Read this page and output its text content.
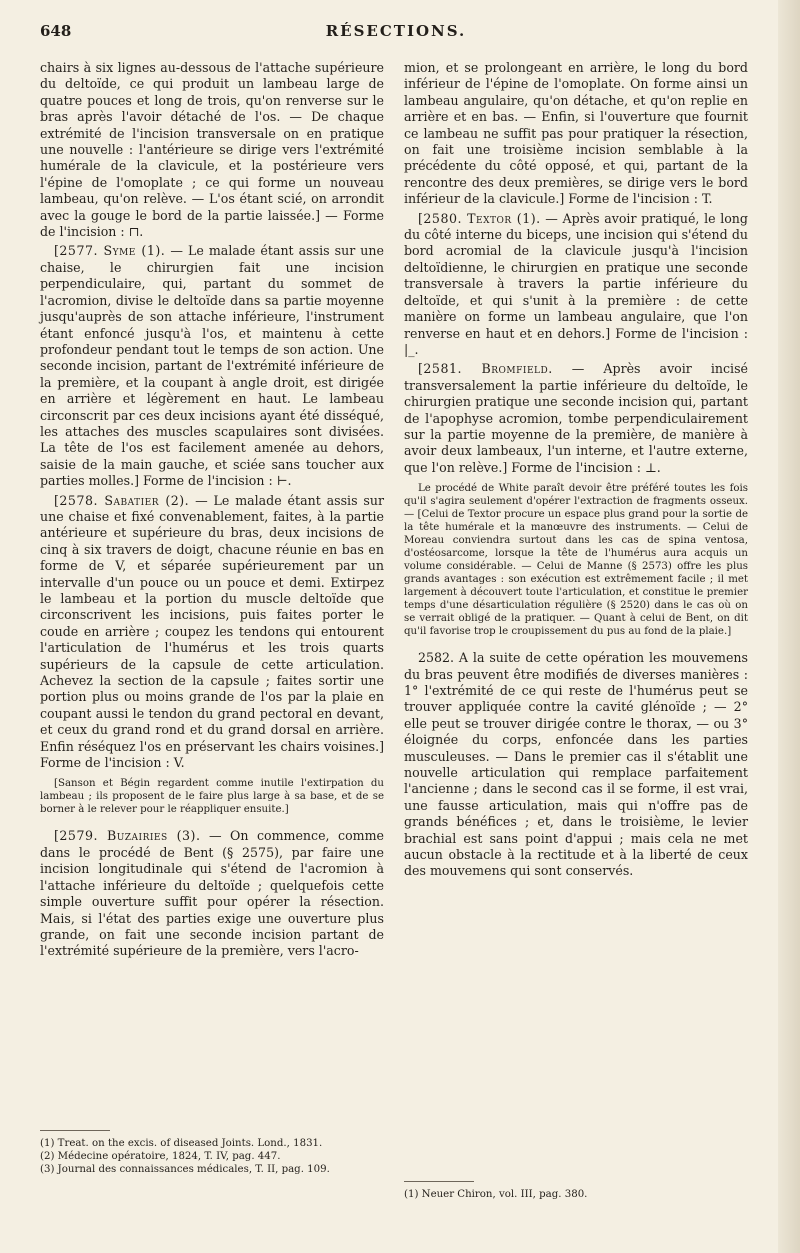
648	RÉSECTIONS.

chairs à six lignes au-dessous de l'attache supérieure du deltoïde, ce qui produit un lambeau large de quatre pouces et long de trois, qu'on renverse sur le bras après l'avoir détaché de l'os. — De chaque extrémité de l'incision transversale on en pratique une nouvelle : l'antérieure se dirige vers l'extrémité humérale de la clavicule, et la postérieure vers l'épine de l'omoplate ; ce qui forme un nouveau lambeau, qu'on relève. — L'os étant scié, on arrondit avec la gouge le bord de la partie laissée.] — Forme de l'incision : ⊓.

[2577. Syme (1). — Le malade étant assis sur une chaise, le chirurgien fait une incision perpendiculaire, qui, partant du sommet de l'acromion, divise le deltoïde dans sa partie moyenne jusqu'auprès de son attache inférieure, l'instrument étant enfoncé jusqu'à l'os, et maintenu à cette profondeur pendant tout le temps de son action. Une seconde incision, partant de l'extrémité inférieure de la première, et la coupant à angle droit, est dirigée en arrière et légèrement en haut. Le lambeau circonscrit par ces deux incisions ayant été disséqué, les attaches des muscles scapulaires sont divisées. La tête de l'os est facilement amenée au dehors, saisie de la main gauche, et sciée sans toucher aux parties molles.] Forme de l'incision : ⊢.

[2578. Sabatier (2). — Le malade étant assis sur une chaise et fixé convenablement, faites, à la partie antérieure et supérieure du bras, deux incisions de cinq à six travers de doigt, chacune réunie en bas en forme de V, et séparée supérieurement par un intervalle d'un pouce ou un pouce et demi. Extirpez le lambeau et la portion du muscle deltoïde que circonscrivent les incisions, puis faites porter le coude en arrière ; coupez les tendons qui entourent l'articulation de l'humérus et les trois quarts supérieurs de la capsule de cette articulation. Achevez la section de la capsule ; faites sortir une portion plus ou moins grande de l'os par la plaie en coupant aussi le tendon du grand pectoral en devant, et ceux du grand rond et du grand dorsal en arrière. Enfin réséquez l'os en préservant les chairs voisines.] Forme de l'incision : V.

[Sanson et Bégin regardent comme inutile l'extirpation du lambeau ; ils proposent de le faire plus large à sa base, et de se borner à le relever pour le réappliquer ensuite.]

[2579. Buzairies (3). — On commence, comme dans le procédé de Bent (§ 2575), par faire une incision longitudinale qui s'étend de l'acromion à l'attache inférieure du deltoïde ; quelquefois cette simple ouverture suffit pour opérer la résection. Mais, si l'état des parties exige une ouverture plus grande, on fait une seconde incision partant de l'extrémité supérieure de la première, vers l'acro-

mion, et se prolongeant en arrière, le long du bord inférieur de l'épine de l'omoplate. On forme ainsi un lambeau angulaire, qu'on détache, et qu'on replie en arrière et en bas. — Enfin, si l'ouverture que fournit ce lambeau ne suffit pas pour pratiquer la résection, on fait une troisième incision semblable à la précédente du côté opposé, et qui, partant de la rencontre des deux premières, se dirige vers le bord inférieur de la clavicule.] Forme de l'incision : T.

[2580. Textor (1). — Après avoir pratiqué, le long du côté interne du biceps, une incision qui s'étend du bord acromial de la clavicule jusqu'à l'incision deltoïdienne, le chirurgien en pratique une seconde transversale à travers la partie inférieure du deltoïde, et qui s'unit à la première : de cette manière on forme un lambeau angulaire, que l'on renverse en haut et en dehors.] Forme de l'incision : |_.

[2581. Bromfield. — Après avoir incisé transversalement la partie inférieure du deltoïde, le chirurgien pratique une seconde incision qui, partant de l'apophyse acromion, tombe perpendiculairement sur la partie moyenne de la première, de manière à avoir deux lambeaux, l'un interne, et l'autre externe, que l'on relève.] Forme de l'incision : ⊥.

Le procédé de White paraît devoir être préféré toutes les fois qu'il s'agira seulement d'opérer l'extraction de fragments osseux. — [Celui de Textor procure un espace plus grand pour la sortie de la tête humérale et la manœuvre des instruments. — Celui de Moreau conviendra surtout dans les cas de spina ventosa, d'ostéosarcome, lorsque la tête de l'humérus aura acquis un volume considérable. — Celui de Manne (§ 2573) offre les plus grands avantages : son exécution est extrêmement facile ; il met largement à découvert toute l'articulation, et constitue le premier temps d'une désarticulation régulière (§ 2520) dans le cas où on se verrait obligé de la pratiquer. — Quant à celui de Bent, on dit qu'il favorise trop le croupissement du pus au fond de la plaie.]

2582. A la suite de cette opération les mouvemens du bras peuvent être modifiés de diverses manières : 1° l'extrémité de ce qui reste de l'humérus peut se trouver appliquée contre la cavité glénoïde ; — 2° elle peut se trouver dirigée contre le thorax, — ou 3° éloignée du corps, enfoncée dans les parties musculeuses. — Dans le premier cas il s'établit une nouvelle articulation qui remplace parfaitement l'ancienne ; dans le second cas il se forme, il est vrai, une fausse articulation, mais qui n'offre pas de grands bénéfices ; et, dans le troisième, le levier brachial est sans point d'appui ; mais cela ne met aucun obstacle à la rectitude et à la liberté de ceux des mouvemens qui sont conservés.

(1) Treat. on the excis. of diseased Joints. Lond., 1831.
(2) Médecine opératoire, 1824, T. IV, pag. 447.
(3) Journal des connaissances médicales, T. II, pag. 109.
(1) Neuer Chiron, vol. III, pag. 380.
